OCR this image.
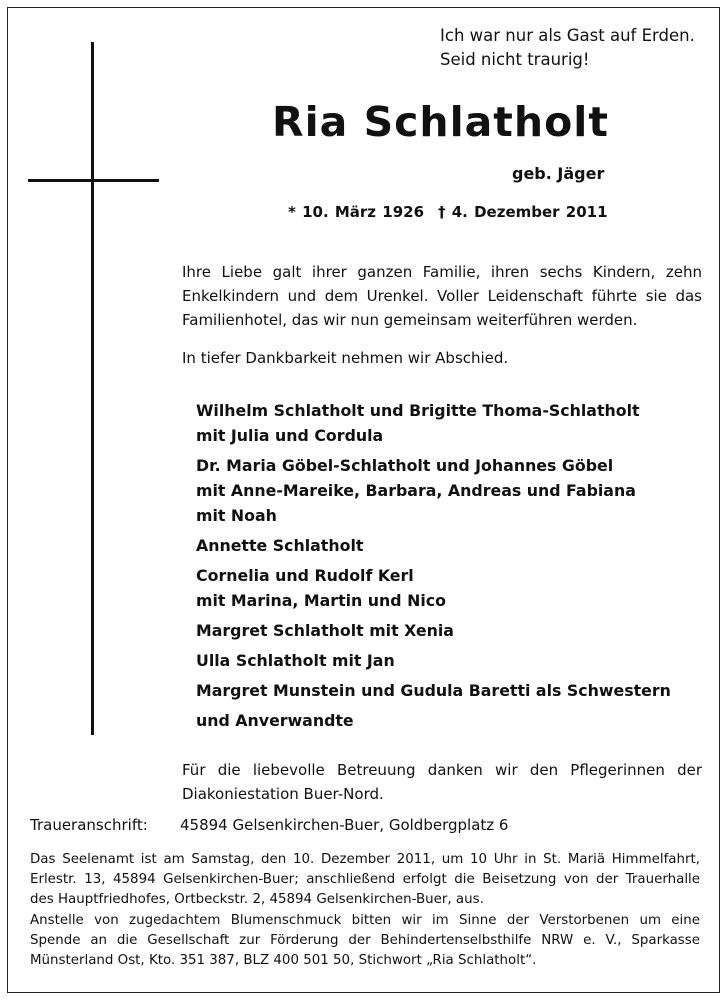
Ich war nur als Gast auf Erden.
Seid nicht traurig!
Ria Schlatholt
geb. Jäger
* 10. März 1926 † 4. Dezember 2011
Ihre Liebe galt ihrer ganzen Familie, ihren sechs Kindern, zehn Enkelkindern und dem Urenkel. Voller Leidenschaft führte sie das Familienhotel, das wir nun gemeinsam weiterführen werden.
In tiefer Dankbarkeit nehmen wir Abschied.
Wilhelm Schlatholt und Brigitte Thoma-Schlatholt
mit Julia und Cordula
Dr. Maria Göbel-Schlatholt und Johannes Göbel
mit Anne-Mareike, Barbara, Andreas und Fabiana
mit Noah
Annette Schlatholt
Cornelia und Rudolf Kerl
mit Marina, Martin und Nico
Margret Schlatholt mit Xenia
Ulla Schlatholt mit Jan
Margret Munstein und Gudula Baretti als Schwestern
und Anverwandte
Für die liebevolle Betreuung danken wir den Pflegerinnen der Diakoniestation Buer-Nord.
Traueranschrift: 45894 Gelsenkirchen-Buer, Goldbergplatz 6
Das Seelenamt ist am Samstag, den 10. Dezember 2011, um 10 Uhr in St. Mariä Himmelfahrt,
Erlestr. 13, 45894 Gelsenkirchen-Buer; anschließend erfolgt die Beisetzung von der Trauerhalle
des Hauptfriedhofes, Ortbeckstr. 2, 45894 Gelsenkirchen-Buer, aus.
Anstelle von zugedachtem Blumenschmuck bitten wir im Sinne der Verstorbenen um eine
Spende an die Gesellschaft zur Förderung der Behindertenselbsthilfe NRW e. V., Sparkasse
Münsterland Ost, Kto. 351 387, BLZ 400 501 50, Stichwort „Ria Schlatholt“.
